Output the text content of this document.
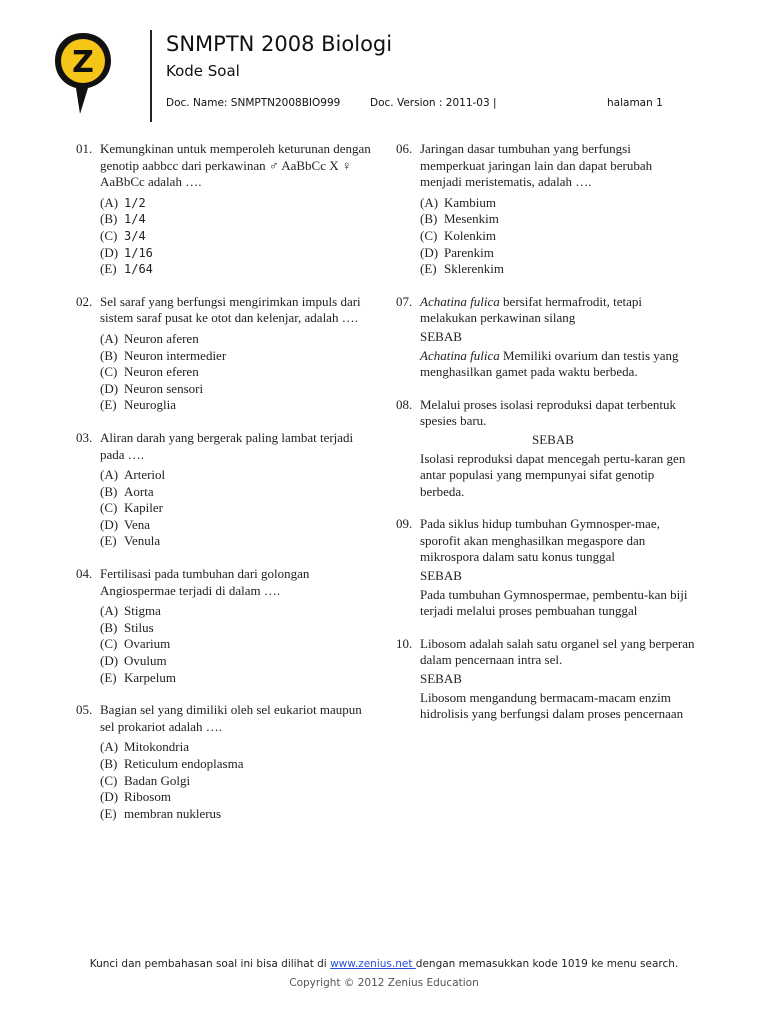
Z
SNMPTN 2008 Biologi
Kode Soal
Doc. Name: SNMPTN2008BIO999	Doc. Version : 2011-03 |	halaman 1
01. Kemungkinan untuk memperoleh keturunan dengan genotip aabbcc dari perkawinan ♂ AaBbCc X ♀ AaBbCc adalah ….
(A) 1/2
(B) 1/4
(C) 3/4
(D) 1/16
(E) 1/64
02. Sel saraf yang berfungsi mengirimkan impuls dari sistem saraf pusat ke otot dan kelenjar, adalah ….
(A) Neuron aferen
(B) Neuron intermedier
(C) Neuron eferen
(D) Neuron sensori
(E) Neuroglia
03. Aliran darah yang bergerak paling lambat terjadi pada ….
(A) Arteriol
(B) Aorta
(C) Kapiler
(D) Vena
(E) Venula
04. Fertilisasi pada tumbuhan dari golongan Angiospermae terjadi di dalam ….
(A) Stigma
(B) Stilus
(C) Ovarium
(D) Ovulum
(E) Karpelum
05. Bagian sel yang dimiliki oleh sel eukariot maupun sel prokariot adalah ….
(A) Mitokondria
(B) Reticulum endoplasma
(C) Badan Golgi
(D) Ribosom
(E) membran nuklerus
06. Jaringan dasar tumbuhan yang berfungsi memperkuat jaringan lain dan dapat berubah menjadi meristematis, adalah ….
(A) Kambium
(B) Mesenkim
(C) Kolenkim
(D) Parenkim
(E) Sklerenkim
07. Achatina fulica bersifat hermafrodit, tetapi melakukan perkawinan silang
SEBAB
Achatina fulica Memiliki ovarium dan testis yang menghasilkan gamet pada waktu berbeda.
08. Melalui proses isolasi reproduksi dapat terbentuk spesies baru.
SEBAB
Isolasi reproduksi dapat mencegah pertu-karan gen antar populasi yang mempunyai sifat genotip berbeda.
09. Pada siklus hidup tumbuhan Gymnosper-mae, sporofit akan menghasilkan megaspore dan mikrospora dalam satu konus tunggal
SEBAB
Pada tumbuhan Gymnospermae, pembentu-kan biji terjadi melalui proses pembuahan tunggal
10. Libosom adalah salah satu organel sel yang berperan dalam pencernaan intra sel.
SEBAB
Libosom mengandung bermacam-macam enzim hidrolisis yang berfungsi dalam proses pencernaan
Kunci dan pembahasan soal ini bisa dilihat di www.zenius.net dengan memasukkan kode 1019 ke menu search.
Copyright © 2012 Zenius Education
